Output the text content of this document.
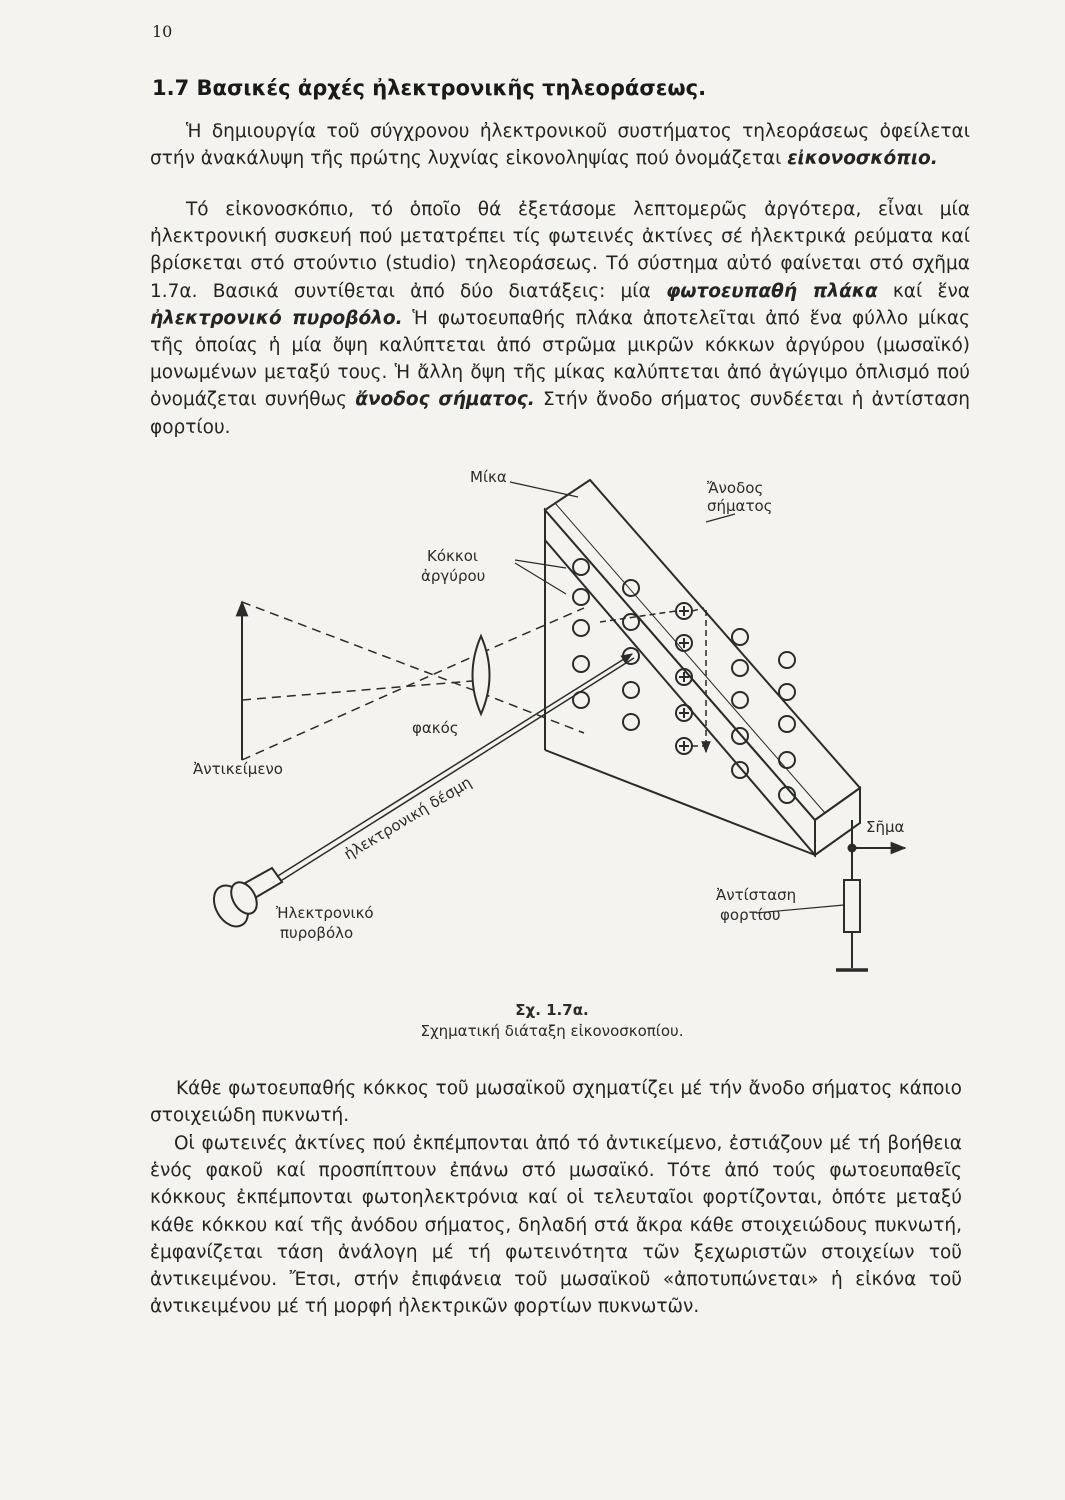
10
1.7 Βασικές ἀρχές ἠλεκτρονικῆς τηλεοράσεως.

Ἡ δημιουργία τοῦ σύγχρονου ἠλεκτρονικοῦ συστήματος τηλεοράσεως ὀφείλεται στήν ἀνακάλυψη τῆς πρώτης λυχνίας εἰκονοληψίας πού ὀνομάζεται εἰκονοσκόπιο.

Τό εἰκονοσκόπιο, τό ὁποῖο θά ἐξετάσομε λεπτομερῶς ἀργότερα, εἶναι μία ἠλεκτρονική συσκευή πού μετατρέπει τίς φωτεινές ἀκτίνες σέ ἠλεκτρικά ρεύματα καί βρίσκεται στό στούντιο (studio) τηλεοράσεως. Τό σύστημα αὐτό φαίνεται στό σχῆμα 1.7α. Βασικά συντίθεται ἀπό δύο διατάξεις: μία φωτοευπαθή πλάκα καί ἕνα ἠλεκτρονικό πυροβόλο. Ἡ φωτοευπαθής πλάκα ἀποτελεῖται ἀπό ἕνα φύλλο μίκας τῆς ὁποίας ἡ μία ὄψη καλύπτεται ἀπό στρῶμα μικρῶν κόκκων ἀργύρου (μωσαϊκό) μονωμένων μεταξύ τους. Ἡ ἄλλη ὄψη τῆς μίκας καλύπτεται ἀπό ἀγώγιμο ὁπλισμό πού ὀνομάζεται συνήθως ἄνοδος σήματος. Στήν ἄνοδο σήματος συνδέεται ἡ ἀντίσταση φορτίου.

Μίκα
Ἄνοδος
σήματος
Κόκκοι
ἀργύρου
φακός
Ἀντικείμενο
ἠλεκτρονική δέσμη
Ἠλεκτρονικό
πυροβόλο
Σῆμα
Ἀντίσταση
φορτίου
Σχ. 1.7α.
Σχηματική διάταξη εἰκονοσκοπίου.

Κάθε φωτοευπαθής κόκκος τοῦ μωσαϊκοῦ σχηματίζει μέ τήν ἄνοδο σήματος κάποιο στοιχειώδη πυκνωτή.

Οἱ φωτεινές ἀκτίνες πού ἐκπέμπονται ἀπό τό ἀντικείμενο, ἐστιάζουν μέ τή βοήθεια ἑνός φακοῦ καί προσπίπτουν ἐπάνω στό μωσαϊκό. Τότε ἀπό τούς φωτοευπαθεῖς κόκκους ἐκπέμπονται φωτοηλεκτρόνια καί οἱ τελευταῖοι φορτίζονται, ὁπότε μεταξύ κάθε κόκκου καί τῆς ἀνόδου σήματος, δηλαδή στά ἄκρα κάθε στοιχειώδους πυκνωτή, ἐμφανίζεται τάση ἀνάλογη μέ τή φωτεινότητα τῶν ξεχωριστῶν στοιχείων τοῦ ἀντικειμένου. Ἔτσι, στήν ἐπιφάνεια τοῦ μωσαϊκοῦ «ἀποτυπώνεται» ἡ εἰκόνα τοῦ ἀντικειμένου μέ τή μορφή ἠλεκτρικῶν φορτίων πυκνωτῶν.
